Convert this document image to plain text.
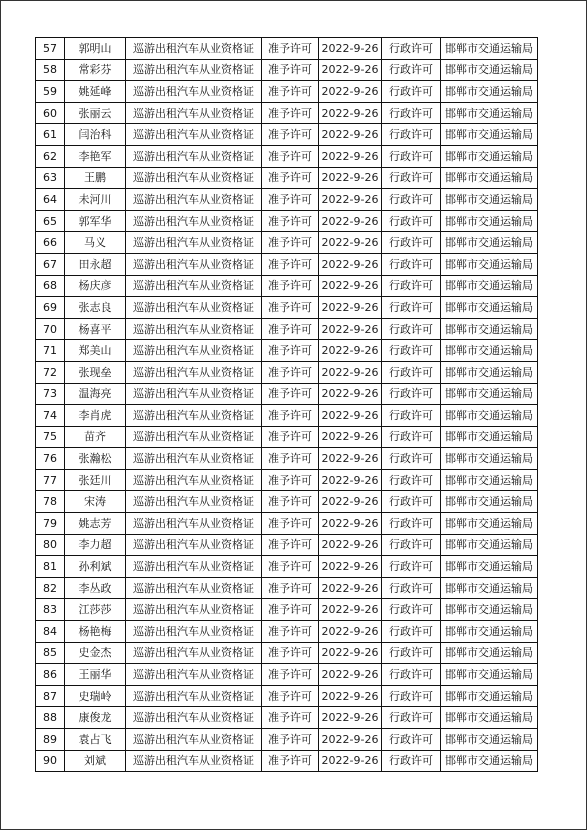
57	郭明山	巡游出租汽车从业资格证	准予许可	2022-9-26	行政许可	邯郸市交通运输局
58	常彩芬	巡游出租汽车从业资格证	准予许可	2022-9-26	行政许可	邯郸市交通运输局
59	姚延峰	巡游出租汽车从业资格证	准予许可	2022-9-26	行政许可	邯郸市交通运输局
60	张丽云	巡游出租汽车从业资格证	准予许可	2022-9-26	行政许可	邯郸市交通运输局
61	闫治科	巡游出租汽车从业资格证	准予许可	2022-9-26	行政许可	邯郸市交通运输局
62	李艳军	巡游出租汽车从业资格证	准予许可	2022-9-26	行政许可	邯郸市交通运输局
63	王鹏	巡游出租汽车从业资格证	准予许可	2022-9-26	行政许可	邯郸市交通运输局
64	未河川	巡游出租汽车从业资格证	准予许可	2022-9-26	行政许可	邯郸市交通运输局
65	郭军华	巡游出租汽车从业资格证	准予许可	2022-9-26	行政许可	邯郸市交通运输局
66	马义	巡游出租汽车从业资格证	准予许可	2022-9-26	行政许可	邯郸市交通运输局
67	田永超	巡游出租汽车从业资格证	准予许可	2022-9-26	行政许可	邯郸市交通运输局
68	杨庆彦	巡游出租汽车从业资格证	准予许可	2022-9-26	行政许可	邯郸市交通运输局
69	张志良	巡游出租汽车从业资格证	准予许可	2022-9-26	行政许可	邯郸市交通运输局
70	杨喜平	巡游出租汽车从业资格证	准予许可	2022-9-26	行政许可	邯郸市交通运输局
71	郑美山	巡游出租汽车从业资格证	准予许可	2022-9-26	行政许可	邯郸市交通运输局
72	张现垒	巡游出租汽车从业资格证	准予许可	2022-9-26	行政许可	邯郸市交通运输局
73	温海亮	巡游出租汽车从业资格证	准予许可	2022-9-26	行政许可	邯郸市交通运输局
74	李肖虎	巡游出租汽车从业资格证	准予许可	2022-9-26	行政许可	邯郸市交通运输局
75	苗齐	巡游出租汽车从业资格证	准予许可	2022-9-26	行政许可	邯郸市交通运输局
76	张瀚松	巡游出租汽车从业资格证	准予许可	2022-9-26	行政许可	邯郸市交通运输局
77	张廷川	巡游出租汽车从业资格证	准予许可	2022-9-26	行政许可	邯郸市交通运输局
78	宋涛	巡游出租汽车从业资格证	准予许可	2022-9-26	行政许可	邯郸市交通运输局
79	姚志芳	巡游出租汽车从业资格证	准予许可	2022-9-26	行政许可	邯郸市交通运输局
80	李力超	巡游出租汽车从业资格证	准予许可	2022-9-26	行政许可	邯郸市交通运输局
81	孙利斌	巡游出租汽车从业资格证	准予许可	2022-9-26	行政许可	邯郸市交通运输局
82	李丛政	巡游出租汽车从业资格证	准予许可	2022-9-26	行政许可	邯郸市交通运输局
83	江莎莎	巡游出租汽车从业资格证	准予许可	2022-9-26	行政许可	邯郸市交通运输局
84	杨艳梅	巡游出租汽车从业资格证	准予许可	2022-9-26	行政许可	邯郸市交通运输局
85	史金杰	巡游出租汽车从业资格证	准予许可	2022-9-26	行政许可	邯郸市交通运输局
86	王丽华	巡游出租汽车从业资格证	准予许可	2022-9-26	行政许可	邯郸市交通运输局
87	史瑞岭	巡游出租汽车从业资格证	准予许可	2022-9-26	行政许可	邯郸市交通运输局
88	康俊龙	巡游出租汽车从业资格证	准予许可	2022-9-26	行政许可	邯郸市交通运输局
89	袁占飞	巡游出租汽车从业资格证	准予许可	2022-9-26	行政许可	邯郸市交通运输局
90	刘斌	巡游出租汽车从业资格证	准予许可	2022-9-26	行政许可	邯郸市交通运输局
